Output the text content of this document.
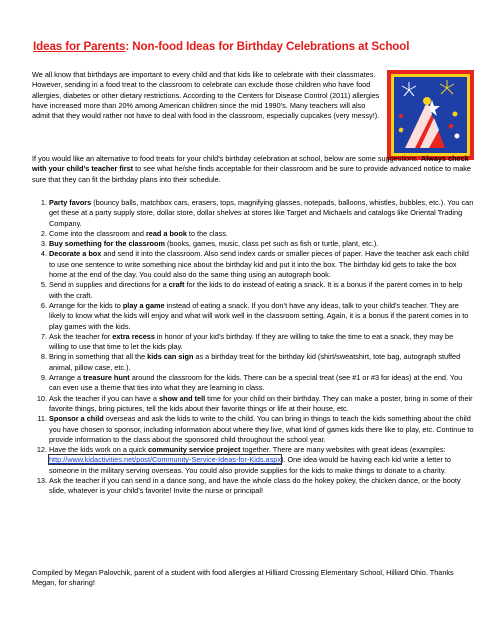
Ideas for Parents: Non-food Ideas for Birthday Celebrations at School
We all know that birthdays are important to every child and that kids like to celebrate with their classmates. However, sending in a food treat to the classroom to celebrate can exclude those children who have food allergies, diabetes or other dietary restrictions. According to the Centers for Disease Control (2011) allergies have increased more than 20% among American children since the mid 1990’s. Many teachers will also admit that they would rather not have to deal with food in the classroom, especially cupcakes (very messy!).
If you would like an alternative to food treats for your child’s birthday celebration at school, below are some suggestions. Always check with your child’s teacher first to see what he/she finds acceptable for their classroom and be sure to provide advanced notice to make sure that they can fit the birthday plans into their schedule.
1. Party favors (bouncy balls, matchbox cars, erasers, tops, magnifying glasses, notepads, balloons, whistles, bubbles, etc.). You can get these at a party supply store, dollar store, dollar shelves at stores like Target and Michaels and catalogs like Oriental Trading Company.
2. Come into the classroom and read a book to the class.
3. Buy something for the classroom (books, games, music, class pet such as fish or turtle, plant, etc.).
4. Decorate a box and send it into the classroom. Also send index cards or smaller pieces of paper. Have the teacher ask each child to use one sentence to write something nice about the birthday kid and put it into the box. The birthday kid gets to take the box home at the end of the day. You could also do the same thing using an autograph book.
5. Send in supplies and directions for a craft for the kids to do instead of eating a snack. It is a bonus if the parent comes in to help with the craft.
6. Arrange for the kids to play a game instead of eating a snack. If you don’t have any ideas, talk to your child’s teacher. They are likely to know what the kids will enjoy and what will work well in the classroom setting. Again, it is a bonus if the parent comes in to play games with the kids.
7. Ask the teacher for extra recess in honor of your kid’s birthday. If they are willing to take the time to eat a snack, they may be willing to use that time to let the kids play.
8. Bring in something that all the kids can sign as a birthday treat for the birthday kid (shirt/sweatshirt, tote bag, autograph stuffed animal, pillow case, etc.).
9. Arrange a treasure hunt around the classroom for the kids. There can be a special treat (see #1 or #3 for ideas) at the end. You can even use a theme that ties into what they are learning in class.
10. Ask the teacher if you can have a show and tell time for your child on their birthday. They can make a poster, bring in some of their favorite things, bring pictures, tell the kids about their favorite things or life at their house, etc.
11. Sponsor a child overseas and ask the kids to write to the child. You can bring in things to teach the kids something about the child you have chosen to sponsor, including information about where they live, what kind of games kids there like to play, etc. Continue to provide information to the class about the sponsored child throughout the school year.
12. Have the kids work on a quick community service project together. There are many websites with great ideas (examples: http://www.kidactivities.net/post/Community-Service-Ideas-for-Kids.aspx). One idea would be having each kid write a letter to someone in the military serving overseas. You could also provide supplies for the kids to make things to donate to a charity.
13. Ask the teacher if you can send in a dance song, and have the whole class do the hokey pokey, the chicken dance, or the booty slide, whatever is your child’s favorite! Invite the nurse or principal!
Compiled by Megan Palovchik, parent of a student with food allergies at Hilliard Crossing Elementary School, Hilliard Ohio. Thanks Megan, for sharing!
